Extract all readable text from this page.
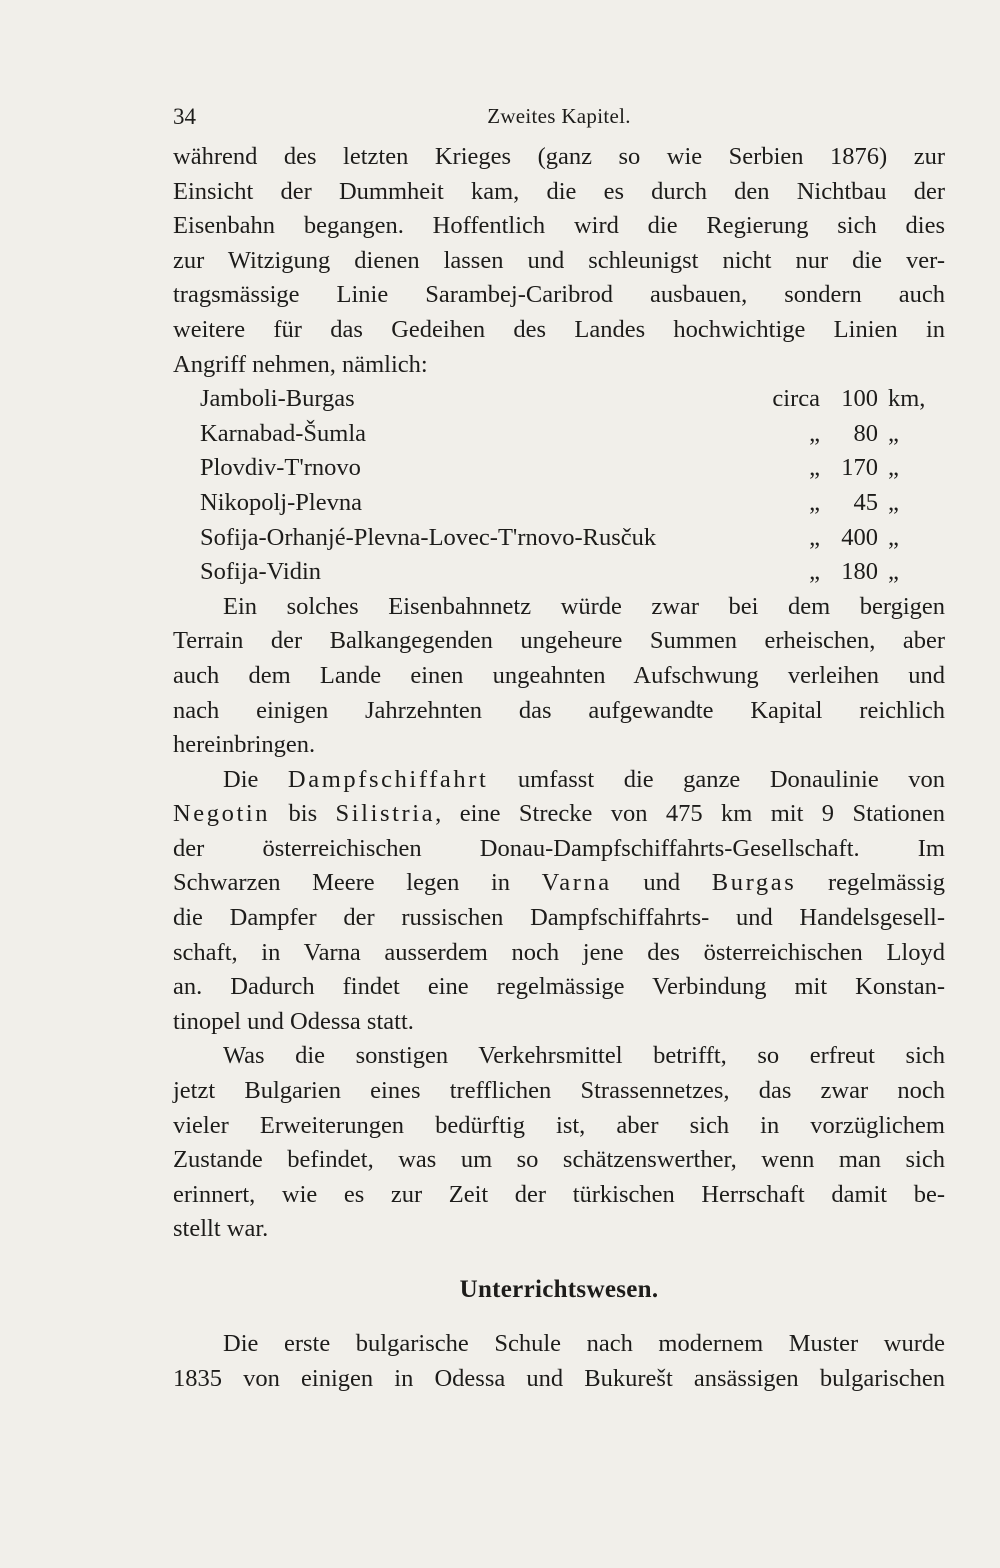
34	Zweites Kapitel.
während des letzten Krieges (ganz so wie Serbien 1876) zur
Einsicht der Dummheit kam, die es durch den Nichtbau der
Eisenbahn begangen. Hoffentlich wird die Regierung sich dies
zur Witzigung dienen lassen und schleunigst nicht nur die ver-
tragsmässige Linie Sarambej-Caribrod ausbauen, sondern auch
weitere für das Gedeihen des Landes hochwichtige Linien in
Angriff nehmen, nämlich:
Jamboli-Burgas	circa 100 km,
Karnabad-Šumla	„	80 „
Plovdiv-T'rnovo	„ 170 „
Nikopolj-Plevna	„	45 „
Sofija-Orhanjé-Plevna-Lovec-T'rnovo-Rusčuk	„ 400 „
Sofija-Vidin	„ 180 „
Ein solches Eisenbahnnetz würde zwar bei dem bergigen
Terrain der Balkangegenden ungeheure Summen erheischen, aber
auch dem Lande einen ungeahnten Aufschwung verleihen und
nach einigen Jahrzehnten das aufgewandte Kapital reichlich
hereinbringen.
Die Dampfschiffahrt umfasst die ganze Donaulinie von
Negotin bis Silistria, eine Strecke von 475 km mit 9 Stationen
der österreichischen Donau-Dampfschiffahrts-Gesellschaft. Im
Schwarzen Meere legen in Varna und Burgas regelmässig
die Dampfer der russischen Dampfschiffahrts- und Handelsgesell-
schaft, in Varna ausserdem noch jene des österreichischen Lloyd
an. Dadurch findet eine regelmässige Verbindung mit Konstan-
tinopel und Odessa statt.
Was die sonstigen Verkehrsmittel betrifft, so erfreut sich
jetzt Bulgarien eines trefflichen Strassennetzes, das zwar noch
vieler Erweiterungen bedürftig ist, aber sich in vorzüglichem
Zustande befindet, was um so schätzenswerther, wenn man sich
erinnert, wie es zur Zeit der türkischen Herrschaft damit be-
stellt war.
Unterrichtswesen.
Die erste bulgarische Schule nach modernem Muster wurde
1835 von einigen in Odessa und Bukurešt ansässigen bulgarischen
